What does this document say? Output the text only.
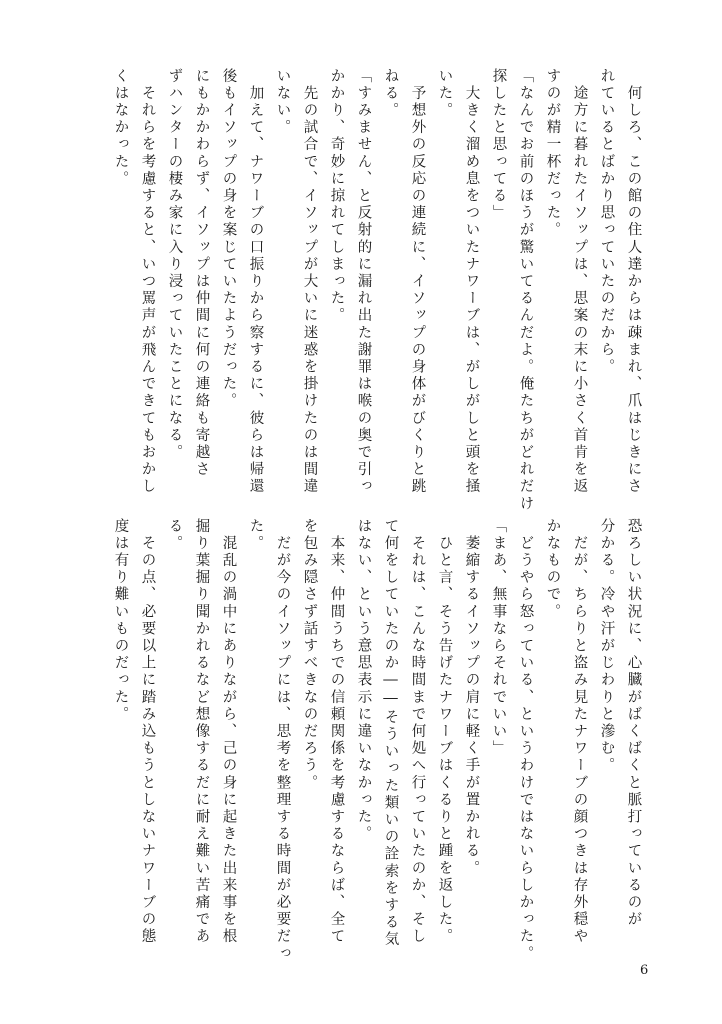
　何しろ、この館の住人達からは疎まれ、爪はじきにさ
れているとばかり思っていたのだから。
　途方に暮れたイソップは、思案の末に小さく首肯を返
すのが精一杯だった。
「なんでお前のほうが驚いてるんだよ。俺たちがどれだけ
探したと思ってる」
　大きく溜め息をついたナワーブは、がしがしと頭を掻
いた。
　予想外の反応の連続に、イソップの身体がびくりと跳
ねる。
「すみません、と反射的に漏れ出た謝罪は喉の奥で引っ
かかり、奇妙に掠れてしまった。
　先の試合で、イソップが大いに迷惑を掛けたのは間違
いない。
　加えて、ナワーブの口振りから察するに、彼らは帰還
後もイソップの身を案じていたようだった。
にもかかわらず、イソップは仲間に何の連絡も寄越さ
ずハンターの棲み家に入り浸っていたことになる。
　それらを考慮すると、いつ罵声が飛んできてもおかし
くはなかった。
恐ろしい状況に、心臓がばくばくと脈打っているのが
分かる。冷や汗がじわりと滲む。
　だが、ちらりと盗み見たナワーブの顔つきは存外穏や
かなもので。
　どうやら怒っている、というわけではないらしかった。
「まあ、無事ならそれでいい」
　萎縮するイソップの肩に軽く手が置かれる。
　ひと言、そう告げたナワーブはくるりと踵を返した。
　それは、こんな時間まで何処へ行っていたのか、そし
て何をしていたのか――そういった類いの詮索をする気
はない、という意思表示に違いなかった。
　本来、仲間うちでの信頼関係を考慮するならば、全て
を包み隠さず話すべきなのだろう。
　だが今のイソップには、思考を整理する時間が必要だっ
た。
　混乱の渦中にありながら、己の身に起きた出来事を根
掘り葉掘り聞かれるなど想像するだに耐え難い苦痛であ
る。
　その点、必要以上に踏み込もうとしないナワーブの態
度は有り難いものだった。
6
